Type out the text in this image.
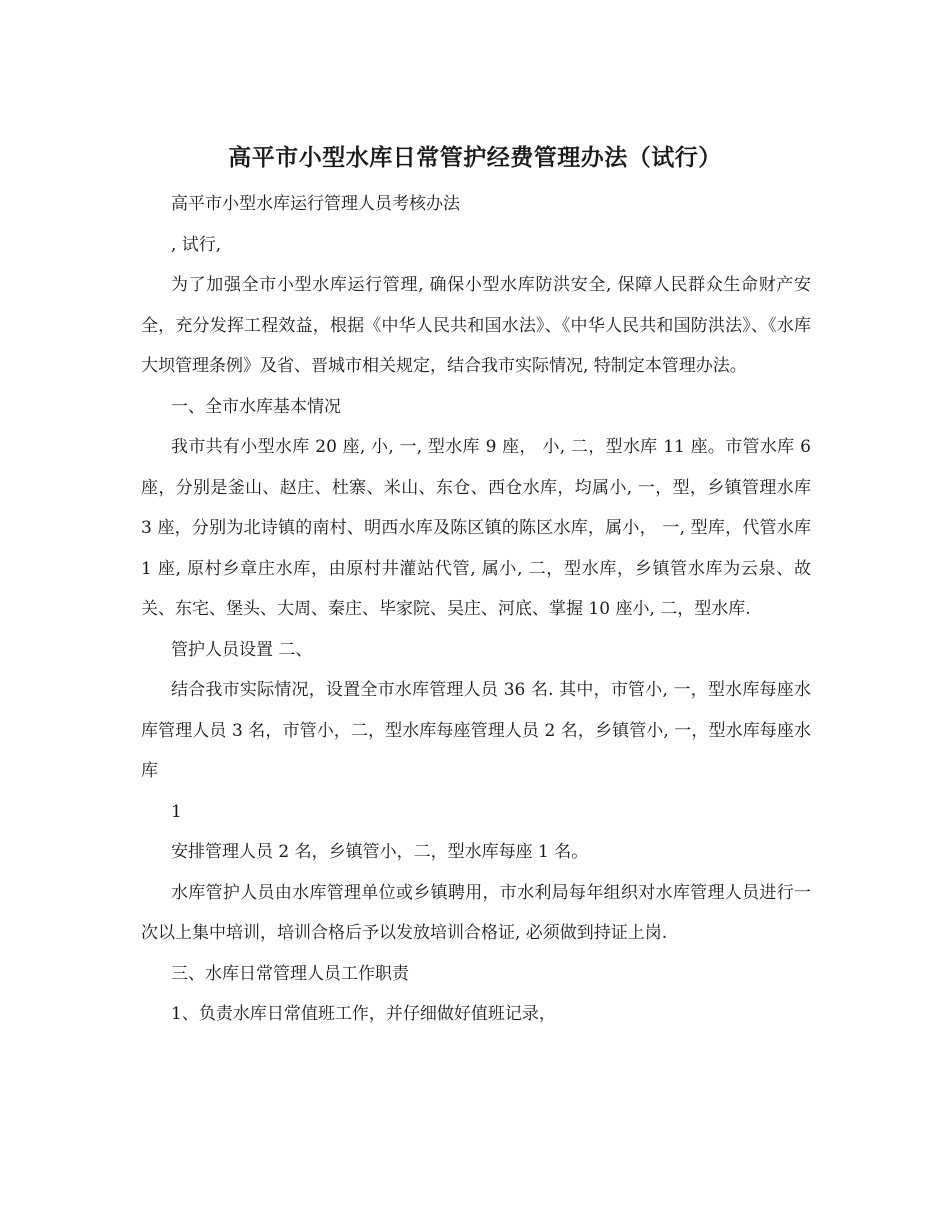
高平市小型水库日常管护经费管理办法（试行）

高平市小型水库运行管理人员考核办法

, 试行,

为了加强全市小型水库运行管理, 确保小型水库防洪安全, 保障人民群众生命财产安全，充分发挥工程效益，根据《中华人民共和国水法》、《中华人民共和国防洪法》、《水库大坝管理条例》及省、晋城市相关规定，结合我市实际情况, 特制定本管理办法。

一、全市水库基本情况

我市共有小型水库 20 座, 小, 一, 型水库 9 座， 小, 二，型水库 11 座。市管水库 6 座，分别是釜山、赵庄、杜寨、米山、东仓、西仓水库，均属小, 一，型，乡镇管理水库 3 座，分别为北诗镇的南村、明西水库及陈区镇的陈区水库，属小， 一, 型库，代管水库 1 座, 原村乡章庄水库，由原村井灌站代管, 属小, 二，型水库，乡镇管水库为云泉、故关、东宅、堡头、大周、秦庄、毕家院、吴庄、河底、掌握 10 座小, 二，型水库.

管护人员设置 二、

结合我市实际情况，设置全市水库管理人员 36 名. 其中，市管小, 一，型水库每座水库管理人员 3 名，市管小，二，型水库每座管理人员 2 名，乡镇管小, 一，型水库每座水库

1

安排管理人员 2 名，乡镇管小，二，型水库每座 1 名。

水库管护人员由水库管理单位或乡镇聘用，市水利局每年组织对水库管理人员进行一次以上集中培训，培训合格后予以发放培训合格证, 必须做到持证上岗.

三、水库日常管理人员工作职责

1、负责水库日常值班工作，并仔细做好值班记录，
